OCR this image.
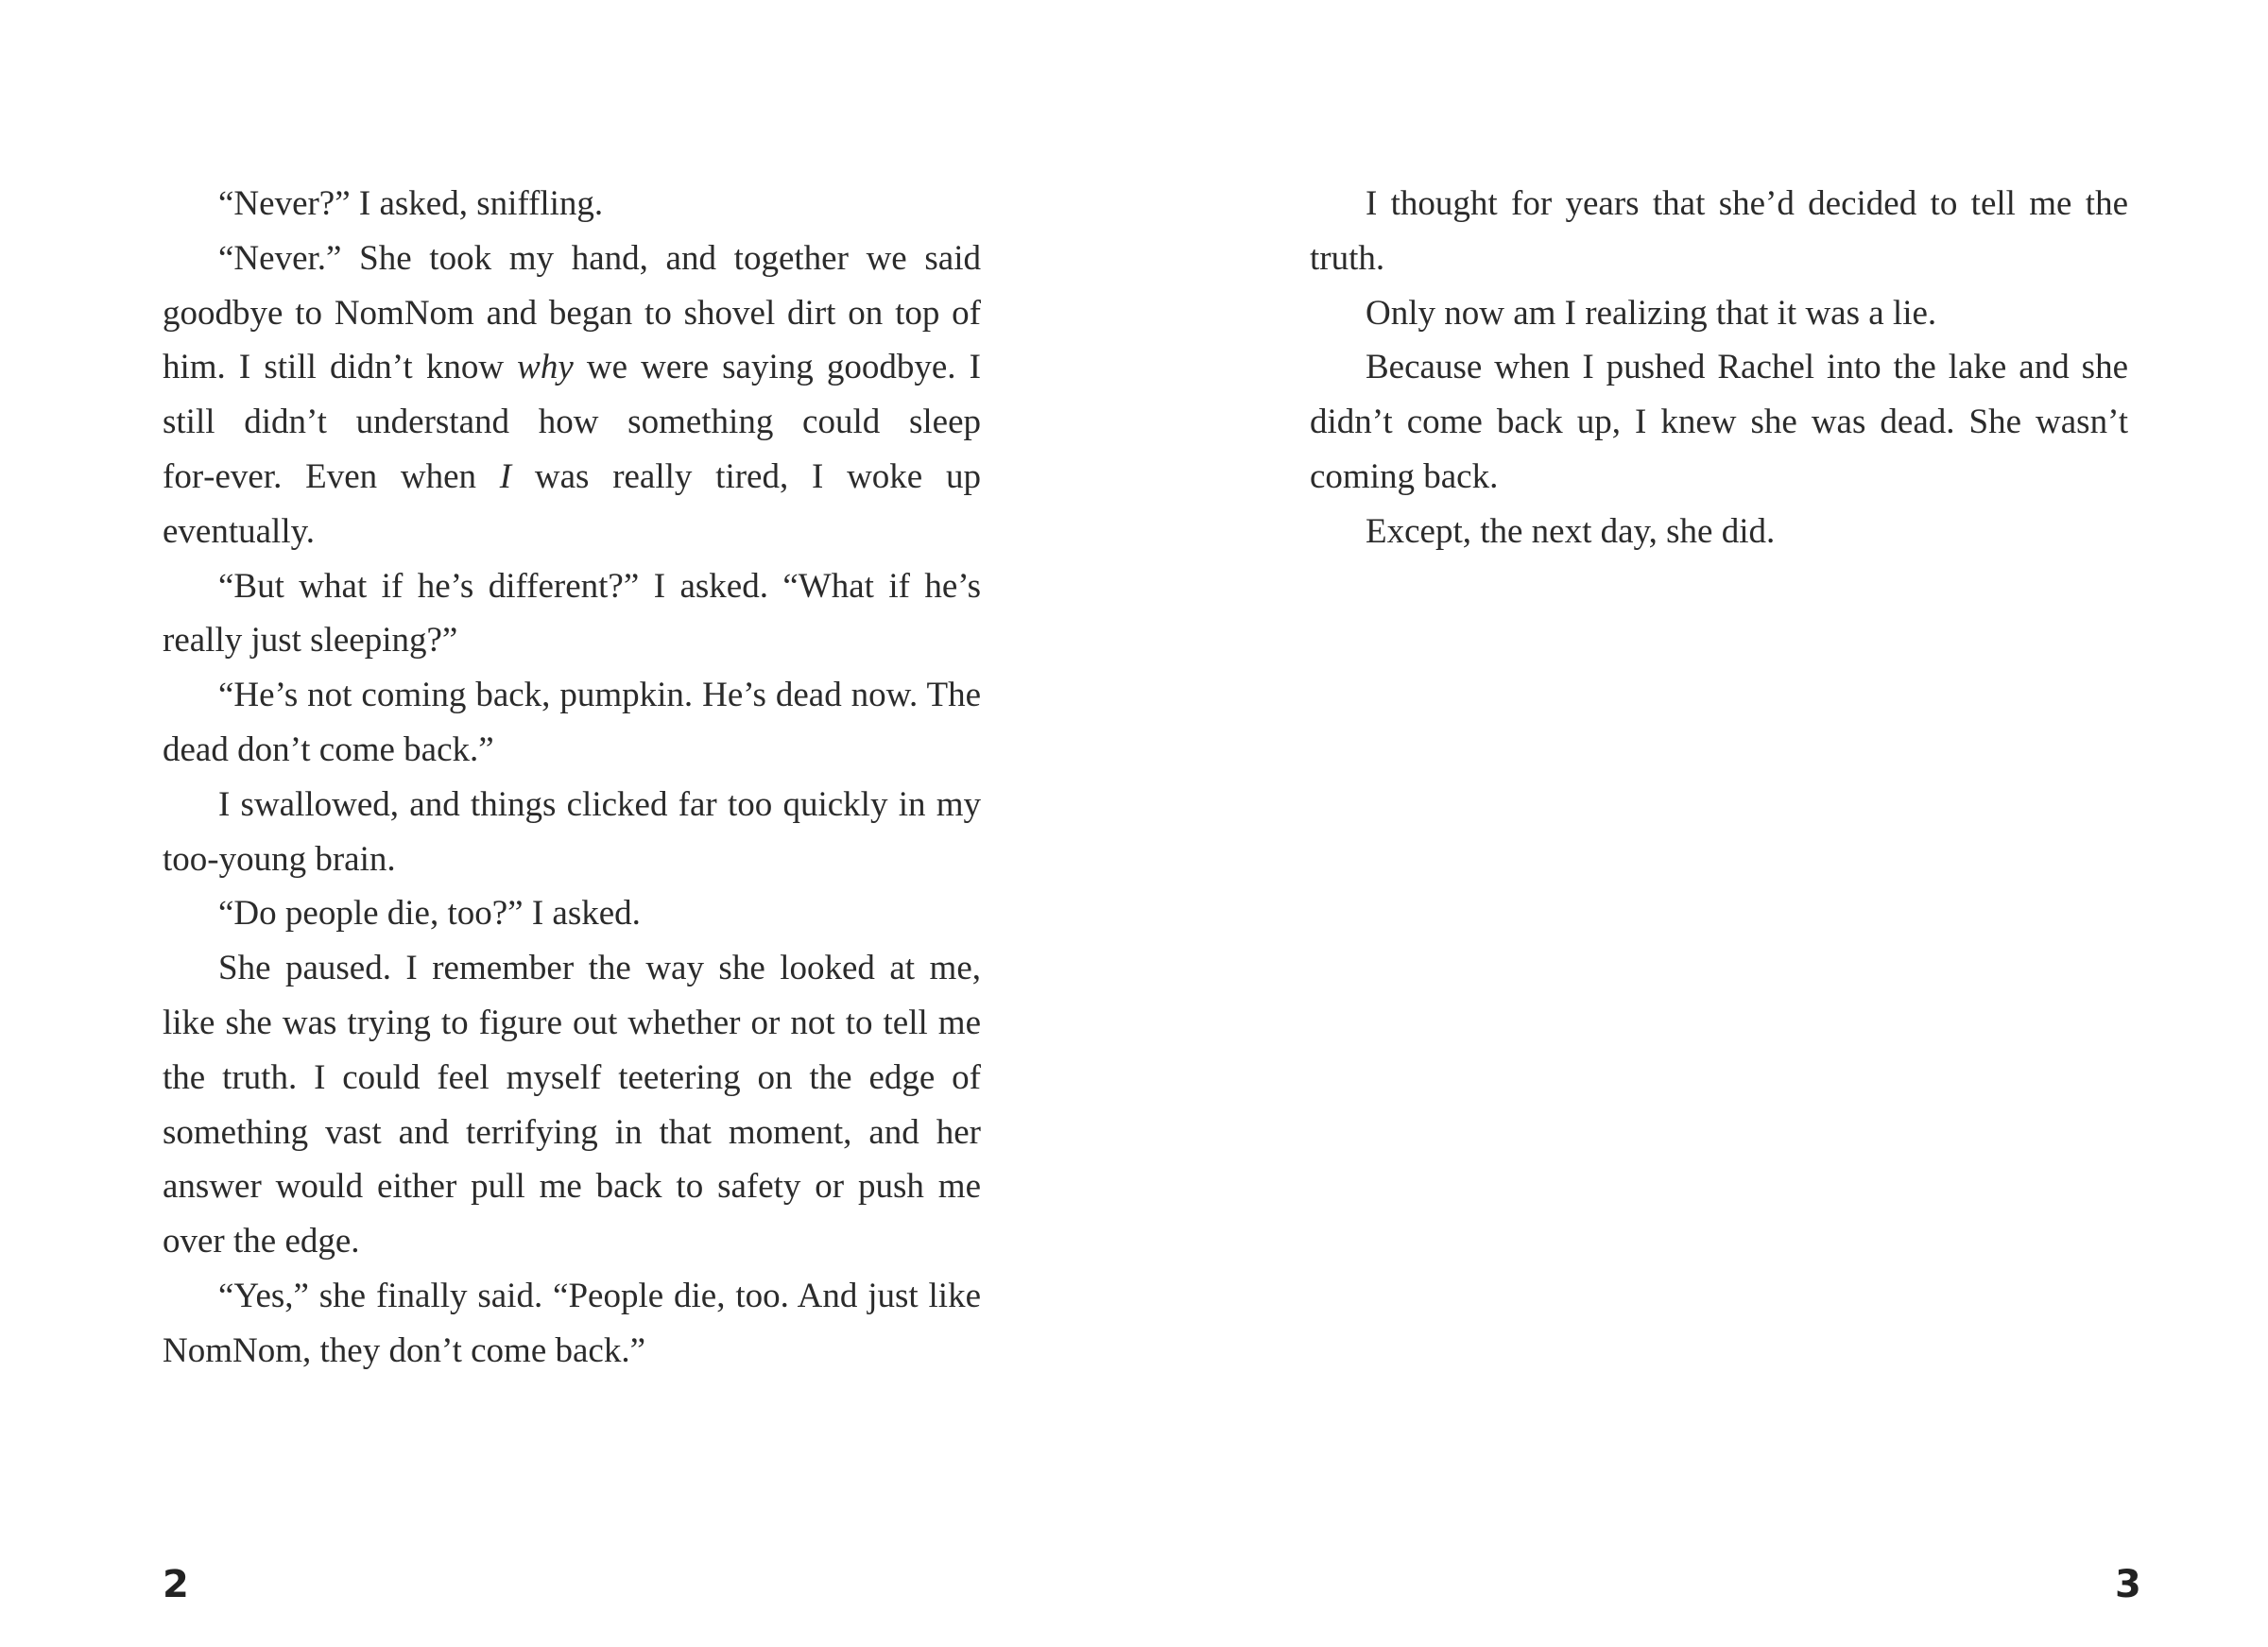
“Never?” I asked, sniffling.

“Never.” She took my hand, and together we said goodbye to NomNom and began to shovel dirt on top of him. I still didn’t know why we were saying goodbye. I still didn’t understand how something could sleep for‑ever. Even when I was really tired, I woke up eventually.

“But what if he’s different?” I asked. “What if he’s really just sleeping?”

“He’s not coming back, pumpkin. He’s dead now. The dead don’t come back.”

I swallowed, and things clicked far too quickly in my too-young brain.

“Do people die, too?” I asked.

She paused. I remember the way she looked at me, like she was trying to figure out whether or not to tell me the truth. I could feel myself teetering on the edge of something vast and terrifying in that moment, and her answer would either pull me back to safety or push me over the edge.

“Yes,” she finally said. “People die, too. And just like NomNom, they don’t come back.”

2

I thought for years that she’d decided to tell me the truth.

Only now am I realizing that it was a lie.

Because when I pushed Rachel into the lake and she didn’t come back up, I knew she was dead. She wasn’t coming back.

Except, the next day, she did.

3
